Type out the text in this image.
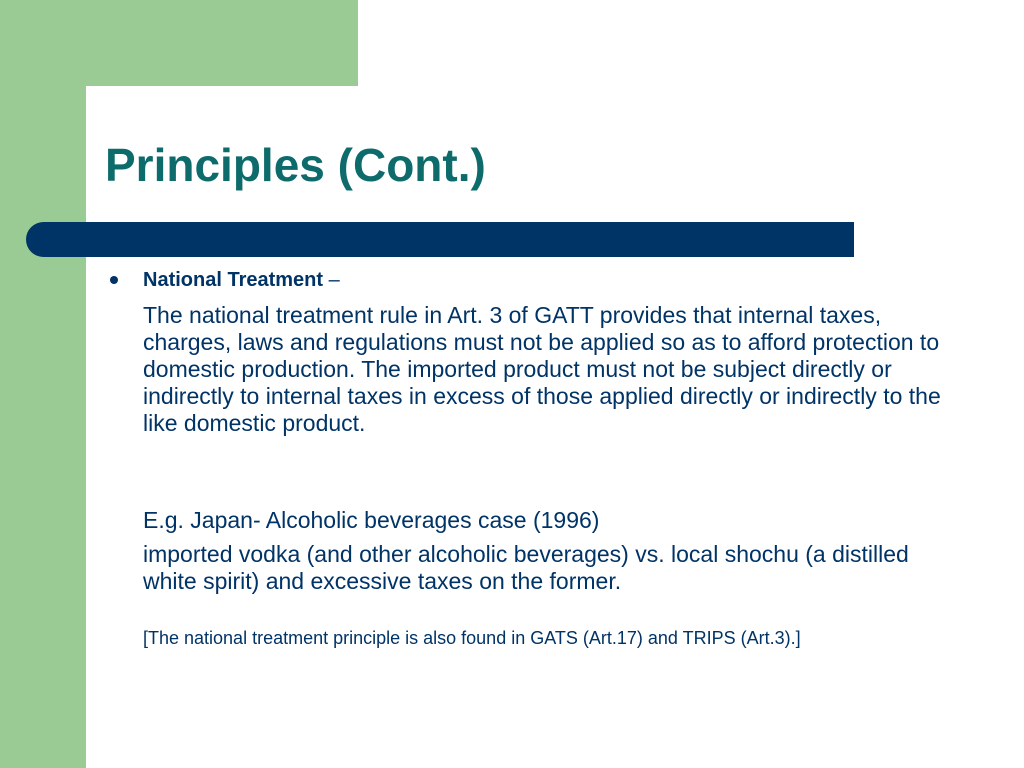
Principles (Cont.)
National Treatment –
The national treatment rule in Art. 3 of GATT provides that internal taxes, charges, laws and regulations must not be applied so as to afford protection to domestic production. The imported product must not be subject directly or indirectly to internal taxes in excess of those applied directly or indirectly to the like domestic product.
E.g. Japan- Alcoholic beverages case (1996)
imported vodka (and other alcoholic beverages) vs. local shochu (a distilled white spirit) and excessive taxes on the former.
[The national treatment principle is also found in GATS (Art.17) and TRIPS (Art.3).]
